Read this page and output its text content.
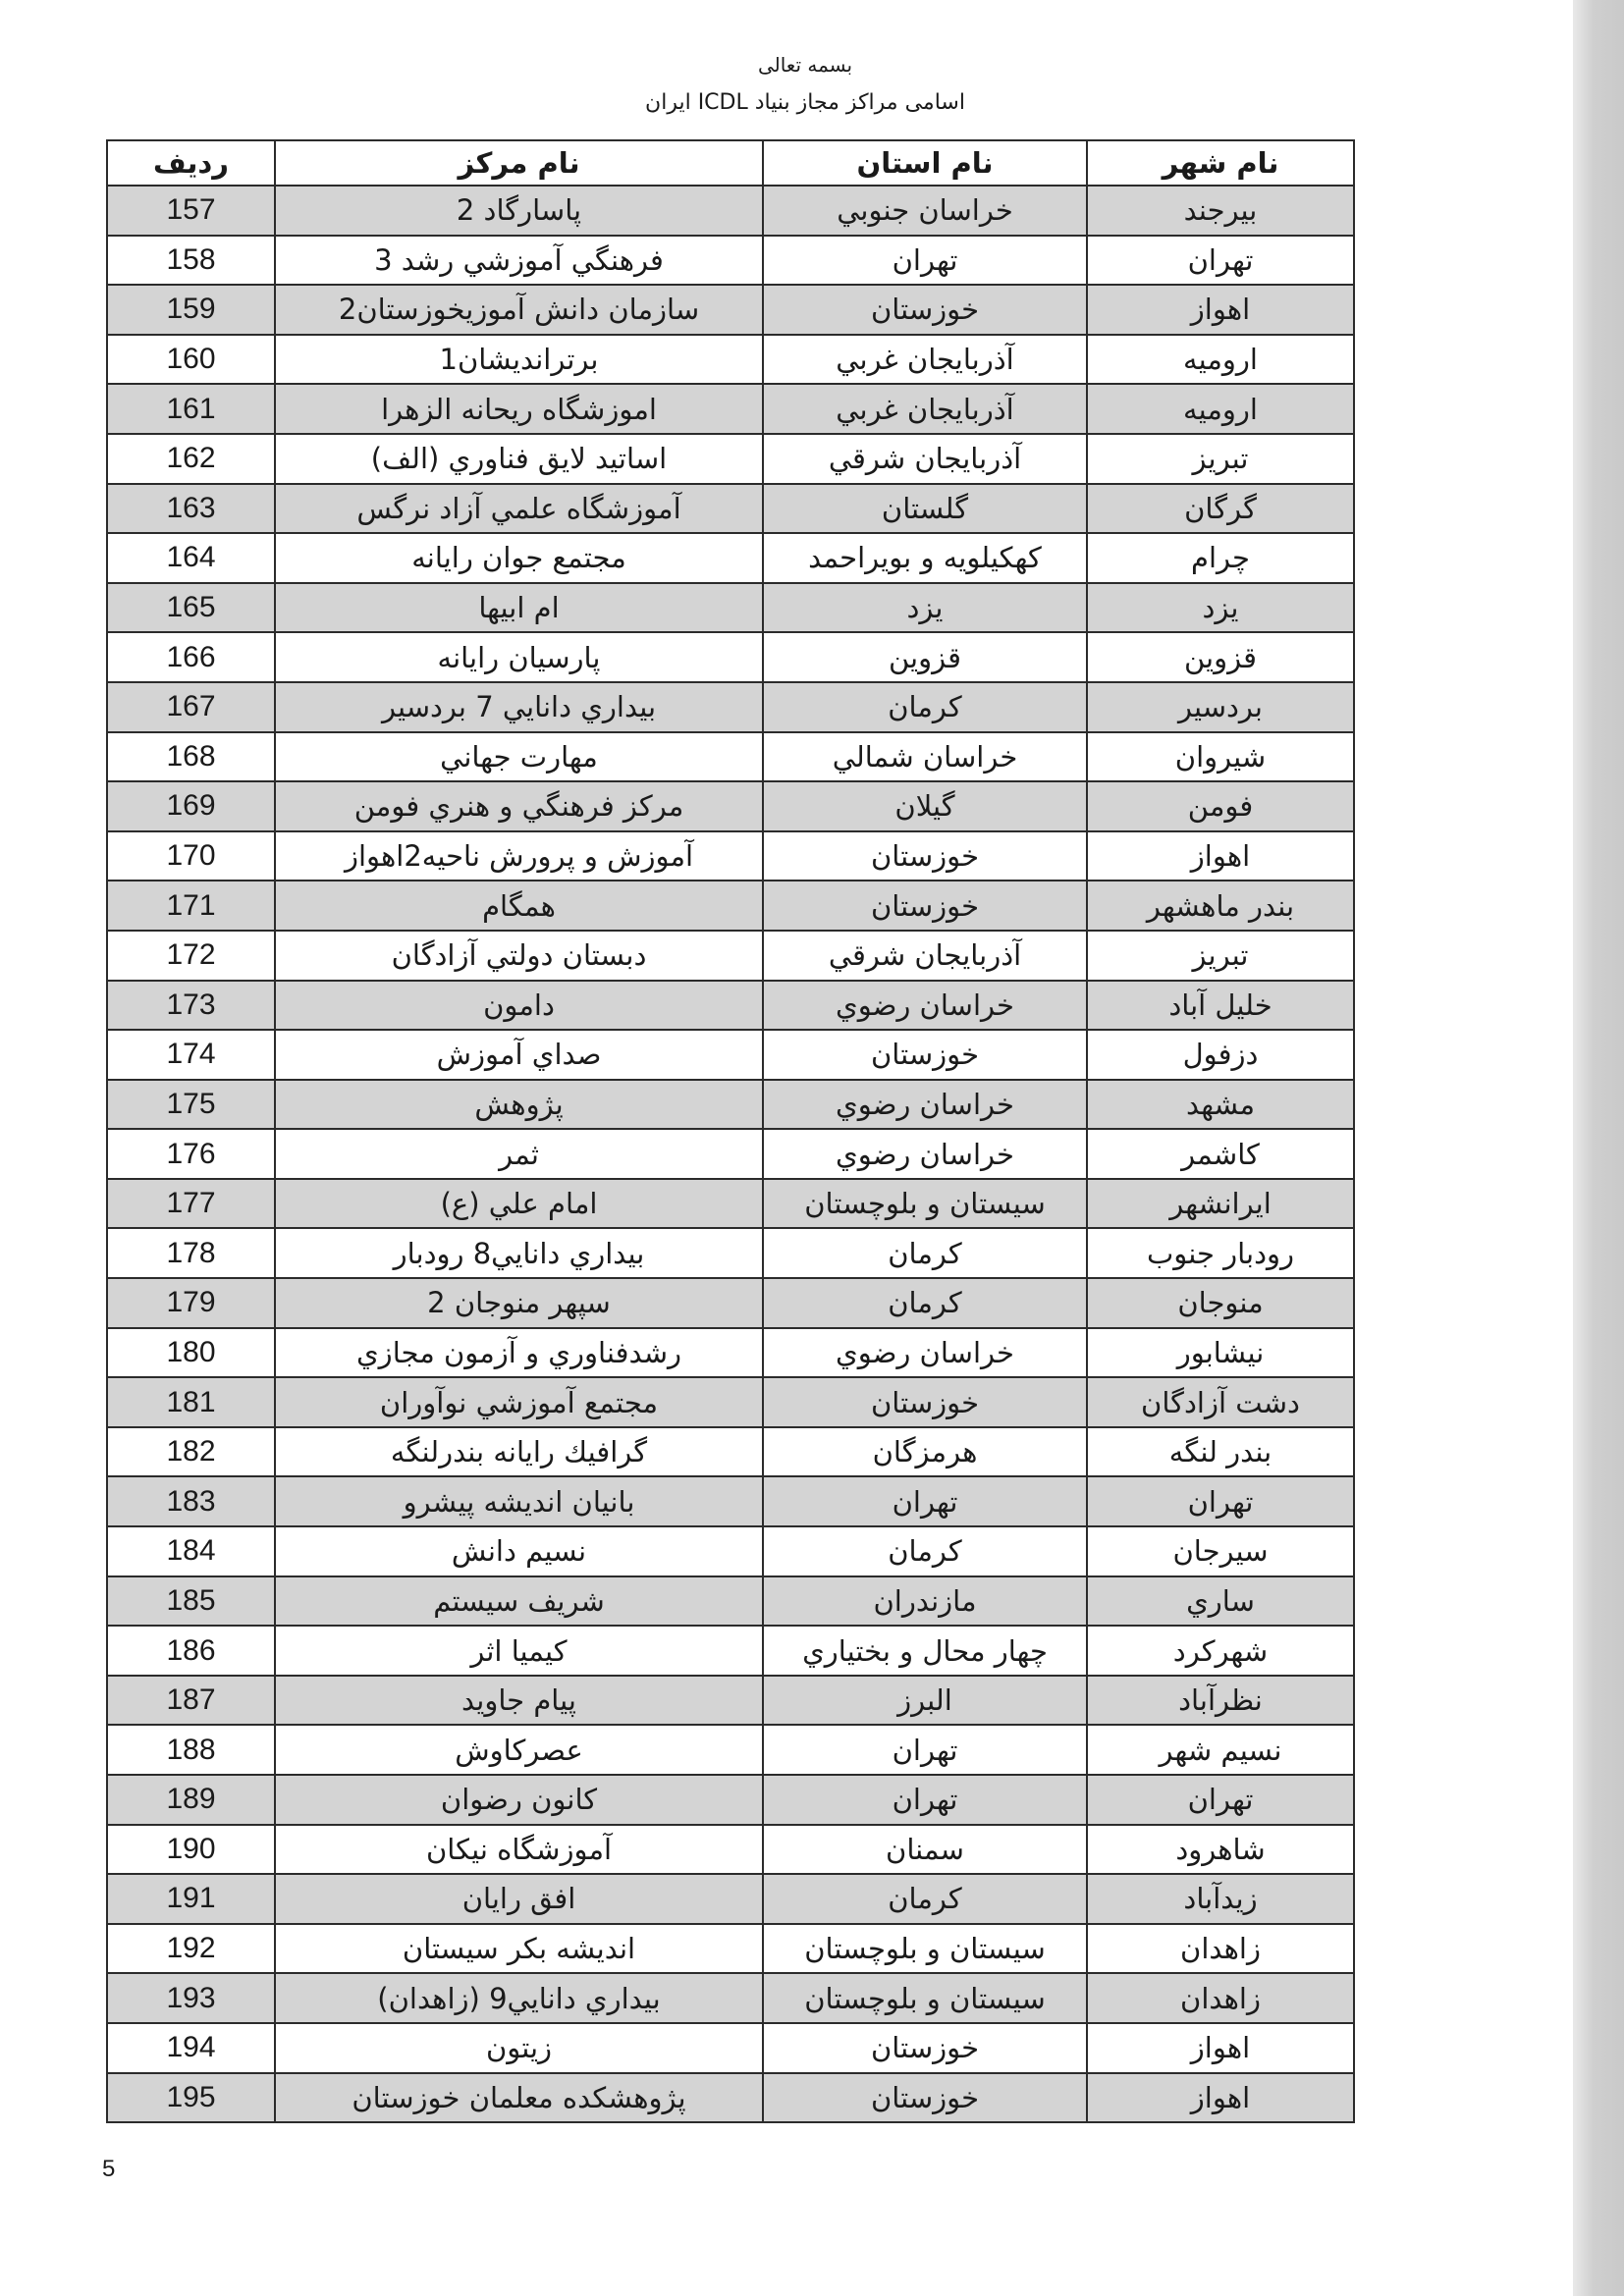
بسمه تعالی
اسامی مراکز مجاز بنیاد ICDL ایران
نام شهر	نام استان	نام مرکز	ردیف
بیرجند	خراسان جنوبي	پاسارگاد 2	157
تهران	تهران	فرهنگي آموزشي رشد 3	158
اهواز	خوزستان	سازمان دانش آموزيخوزستان2	159
اروميه	آذربايجان غربي	برتراندیشان1	160
اروميه	آذربايجان غربي	اموزشگاه ريحانه الزهرا	161
تبريز	آذربايجان شرقي	اساتيد لايق فناوري (الف)	162
گرگان	گلستان	آموزشگاه علمي آزاد نرگس	163
چرام	كهكيلويه و بويراحمد	مجتمع جوان رايانه	164
يزد	يزد	ام ابيها	165
قزوين	قزوين	پارسيان رايانه	166
بردسير	كرمان	بيداري دانايي 7 بردسير	167
شيروان	خراسان شمالي	مهارت جهاني	168
فومن	گيلان	مركز فرهنگي و هنري فومن	169
اهواز	خوزستان	آموزش و پرورش ناحيه2اهواز	170
بندر ماهشهر	خوزستان	همگام	171
تبريز	آذربايجان شرقي	دبستان دولتي آزادگان	172
خليل آباد	خراسان رضوي	دامون	173
دزفول	خوزستان	صداي آموزش	174
مشهد	خراسان رضوي	پژوهش	175
كاشمر	خراسان رضوي	ثمر	176
ايرانشهر	سيستان و بلوچستان	امام علي (ع)	177
رودبار جنوب	كرمان	بيداري دانايي8 رودبار	178
منوجان	كرمان	سپهر منوجان 2	179
نيشابور	خراسان رضوي	رشدفناوري و آزمون مجازي	180
دشت آزادگان	خوزستان	مجتمع آموزشي نوآوران	181
بندر لنگه	هرمزگان	گرافيك رايانه بندرلنگه	182
تهران	تهران	بانيان انديشه پيشرو	183
سيرجان	كرمان	نسيم دانش	184
ساري	مازندران	شريف سيستم	185
شهركرد	چهار محال و بختياري	كيميا اثر	186
نظرآباد	البرز	پيام جاويد	187
نسيم شهر	تهران	عصركاوش	188
تهران	تهران	كانون رضوان	189
شاهرود	سمنان	آموزشگاه نيكان	190
زيدآباد	كرمان	افق رايان	191
زاهدان	سيستان و بلوچستان	انديشه بكر سيستان	192
زاهدان	سيستان و بلوچستان	بيداري دانايي9 (زاهدان)	193
اهواز	خوزستان	زيتون	194
اهواز	خوزستان	پژوهشكده معلمان خوزستان	195
5
